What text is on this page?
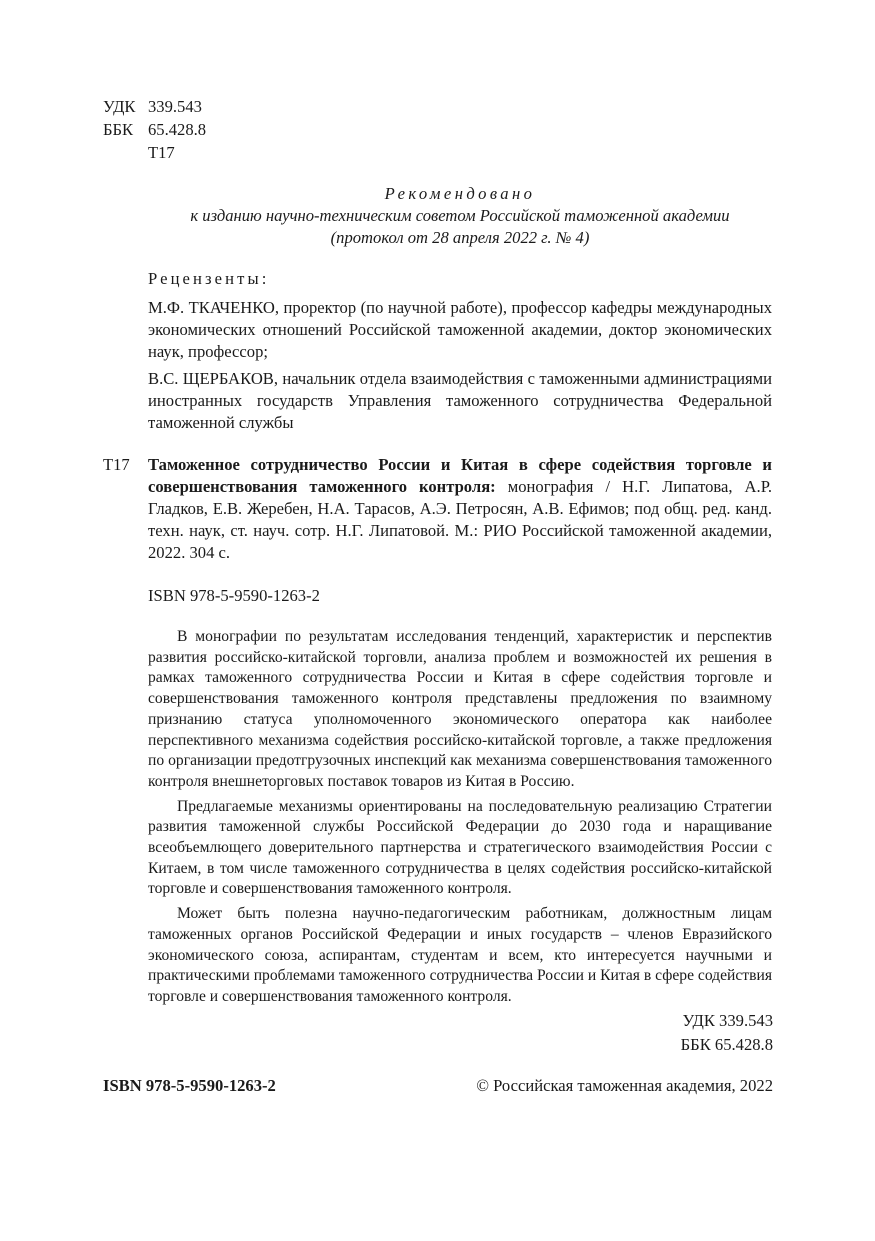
УДК 339.543
ББК 65.428.8
Т17
Рекомендовано
к изданию научно-техническим советом Российской таможенной академии
(протокол от 28 апреля 2022 г. № 4)
Рецензенты:
М.Ф. ТКАЧЕНКО, проректор (по научной работе), профессор кафедры международных экономических отношений Российской таможенной академии, доктор экономических наук, профессор;
В.С. ЩЕРБАКОВ, начальник отдела взаимодействия с таможенными администрациями иностранных государств Управления таможенного сотрудничества Федеральной таможенной службы
Т17 Таможенное сотрудничество России и Китая в сфере содействия торговле и совершенствования таможенного контроля: монография / Н.Г. Липатова, А.Р. Гладков, Е.В. Жеребен, Н.А. Тарасов, А.Э. Петросян, А.В. Ефимов; под общ. ред. канд. техн. наук, ст. науч. сотр. Н.Г. Липатовой. М.: РИО Российской таможенной академии, 2022. 304 с.
ISBN 978-5-9590-1263-2

В монографии по результатам исследования тенденций, характеристик и перспектив развития российско-китайской торговли, анализа проблем и возможностей их решения в рамках таможенного сотрудничества России и Китая в сфере содействия торговле и совершенствования таможенного контроля представлены предложения по взаимному признанию статуса уполномоченного экономического оператора как наиболее перспективного механизма содействия российско-китайской торговле, а также предложения по организации предотгрузочных инспекций как механизма совершенствования таможенного контроля внешнеторговых поставок товаров из Китая в Россию.

Предлагаемые механизмы ориентированы на последовательную реализацию Стратегии развития таможенной службы Российской Федерации до 2030 года и наращивание всеобъемлющего доверительного партнерства и стратегического взаимодействия России с Китаем, в том числе таможенного сотрудничества в целях содействия российско-китайской торговле и совершенствования таможенного контроля.

Может быть полезна научно-педагогическим работникам, должностным лицам таможенных органов Российской Федерации и иных государств – членов Евразийского экономического союза, аспирантам, студентам и всем, кто интересуется научными и практическими проблемами таможенного сотрудничества России и Китая в сфере содействия торговле и совершенствования таможенного контроля.

УДК 339.543
ББК 65.428.8
ISBN 978-5-9590-1263-2	© Российская таможенная академия, 2022
